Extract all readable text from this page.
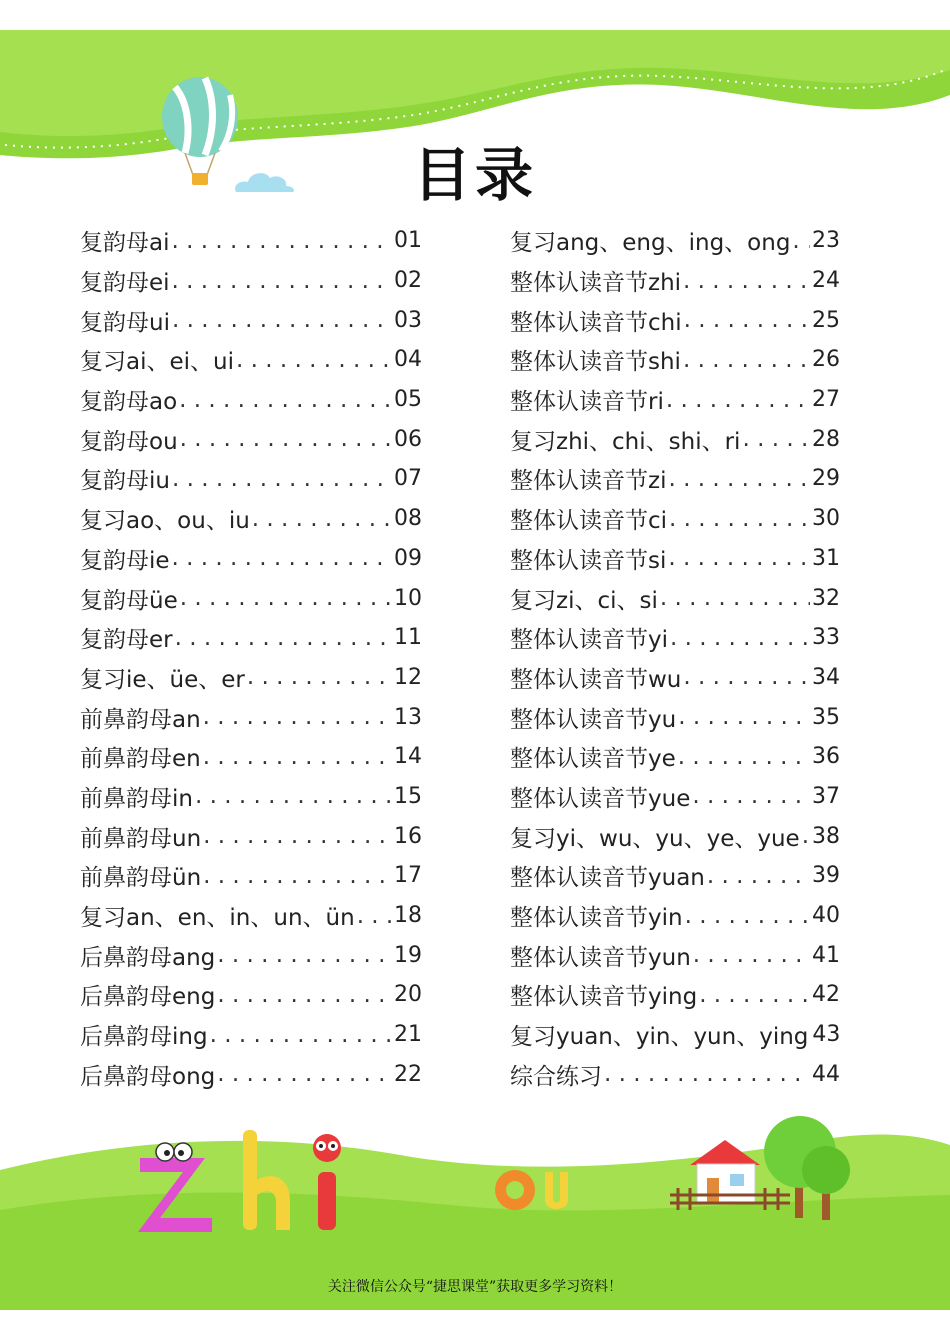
目录
复韵母ai . . .	01
复韵母ei . . .	02
复韵母ui . . .	03
复习ai、ei、ui . . .	04
复韵母ao . . .	05
复韵母ou . . .	06
复韵母iu . . .	07
复习ao、ou、iu . . .	08
复韵母ie . . .	09
复韵母üe . . .	10
复韵母er . . .	11
复习ie、üe、er . . .	12
前鼻韵母an . . .	13
前鼻韵母en . . .	14
前鼻韵母in . . .	15
前鼻韵母un . . .	16
前鼻韵母ün . . .	17
复习an、en、in、un、ün . . . 18
后鼻韵母ang . . .	19
后鼻韵母eng . . .	20
后鼻韵母ing . . .	21
后鼻韵母ong . . .	22
复习ang、eng、ing、ong . . . 23
整体认读音节zhi . . .	24
整体认读音节chi . . .	25
整体认读音节shi . . .	26
整体认读音节ri . . .	27
复习zhi、chi、shi、ri . . .	28
整体认读音节zi . . .	29
整体认读音节ci . . .	30
整体认读音节si . . .	31
复习zi、ci、si . . .	32
整体认读音节yi . . .	33
整体认读音节wu . . .	34
整体认读音节yu . . .	35
整体认读音节ye . . .	36
整体认读音节yue . . .	37
复习yi、wu、yu、ye、yue . . . 38
整体认读音节yuan . . .	39
整体认读音节yin . . .	40
整体认读音节yun . . .	41
整体认读音节ying . . .	42
复习yuan、yin、yun、ying 43
综合练习 . . .	44
关注微信公众号“捷思课堂”获取更多学习资料！
